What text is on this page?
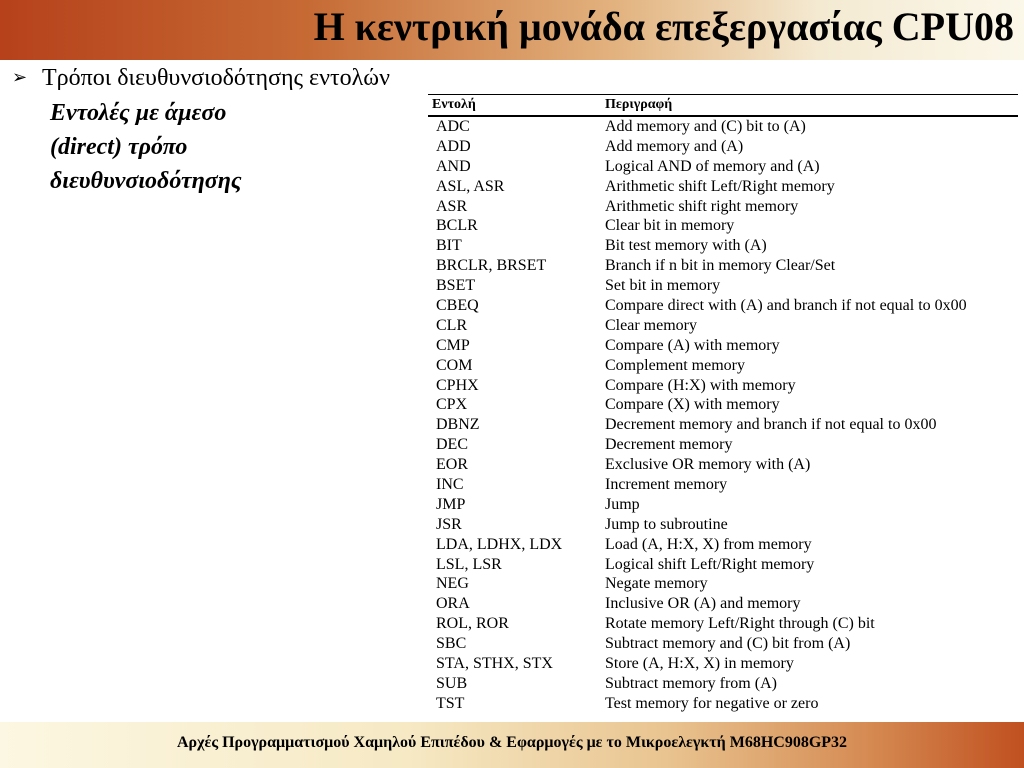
Η κεντρική μονάδα επεξεργασίας CPU08
➢ Τρόποι διευθυνσιοδότησης εντολών
Εντολές με άμεσο
(direct) τρόπο
διευθυνσιοδότησης
Εντολή	Περιγραφή
ADC	Add memory and (C) bit to (A)
ADD	Add memory and (A)
AND	Logical AND of memory and (A)
ASL, ASR	Arithmetic shift Left/Right memory
ASR	Arithmetic shift right memory
BCLR	Clear bit in memory
BIT	Bit test memory with (A)
BRCLR, BRSET	Branch if n bit in memory Clear/Set
BSET	Set bit in memory
CBEQ	Compare direct with (A) and branch if not equal to 0x00
CLR	Clear memory
CMP	Compare (A) with memory
COM	Complement memory
CPHX	Compare (H:X) with memory
CPX	Compare (X) with memory
DBNZ	Decrement memory and branch if not equal to 0x00
DEC	Decrement memory
EOR	Exclusive OR memory with (A)
INC	Increment memory
JMP	Jump
JSR	Jump to subroutine
LDA, LDHX, LDX	Load (A, H:X, X) from memory
LSL, LSR	Logical shift Left/Right memory
NEG	Negate memory
ORA	Inclusive OR (A) and memory
ROL, ROR	Rotate memory Left/Right through (C) bit
SBC	Subtract memory and (C) bit from (A)
STA, STHX, STX	Store (A, H:X, X) in memory
SUB	Subtract memory from (A)
TST	Test memory for negative or zero
Αρχές Προγραμματισμού Χαμηλού Επιπέδου & Εφαρμογές με το Μικροελεγκτή M68HC908GP32
